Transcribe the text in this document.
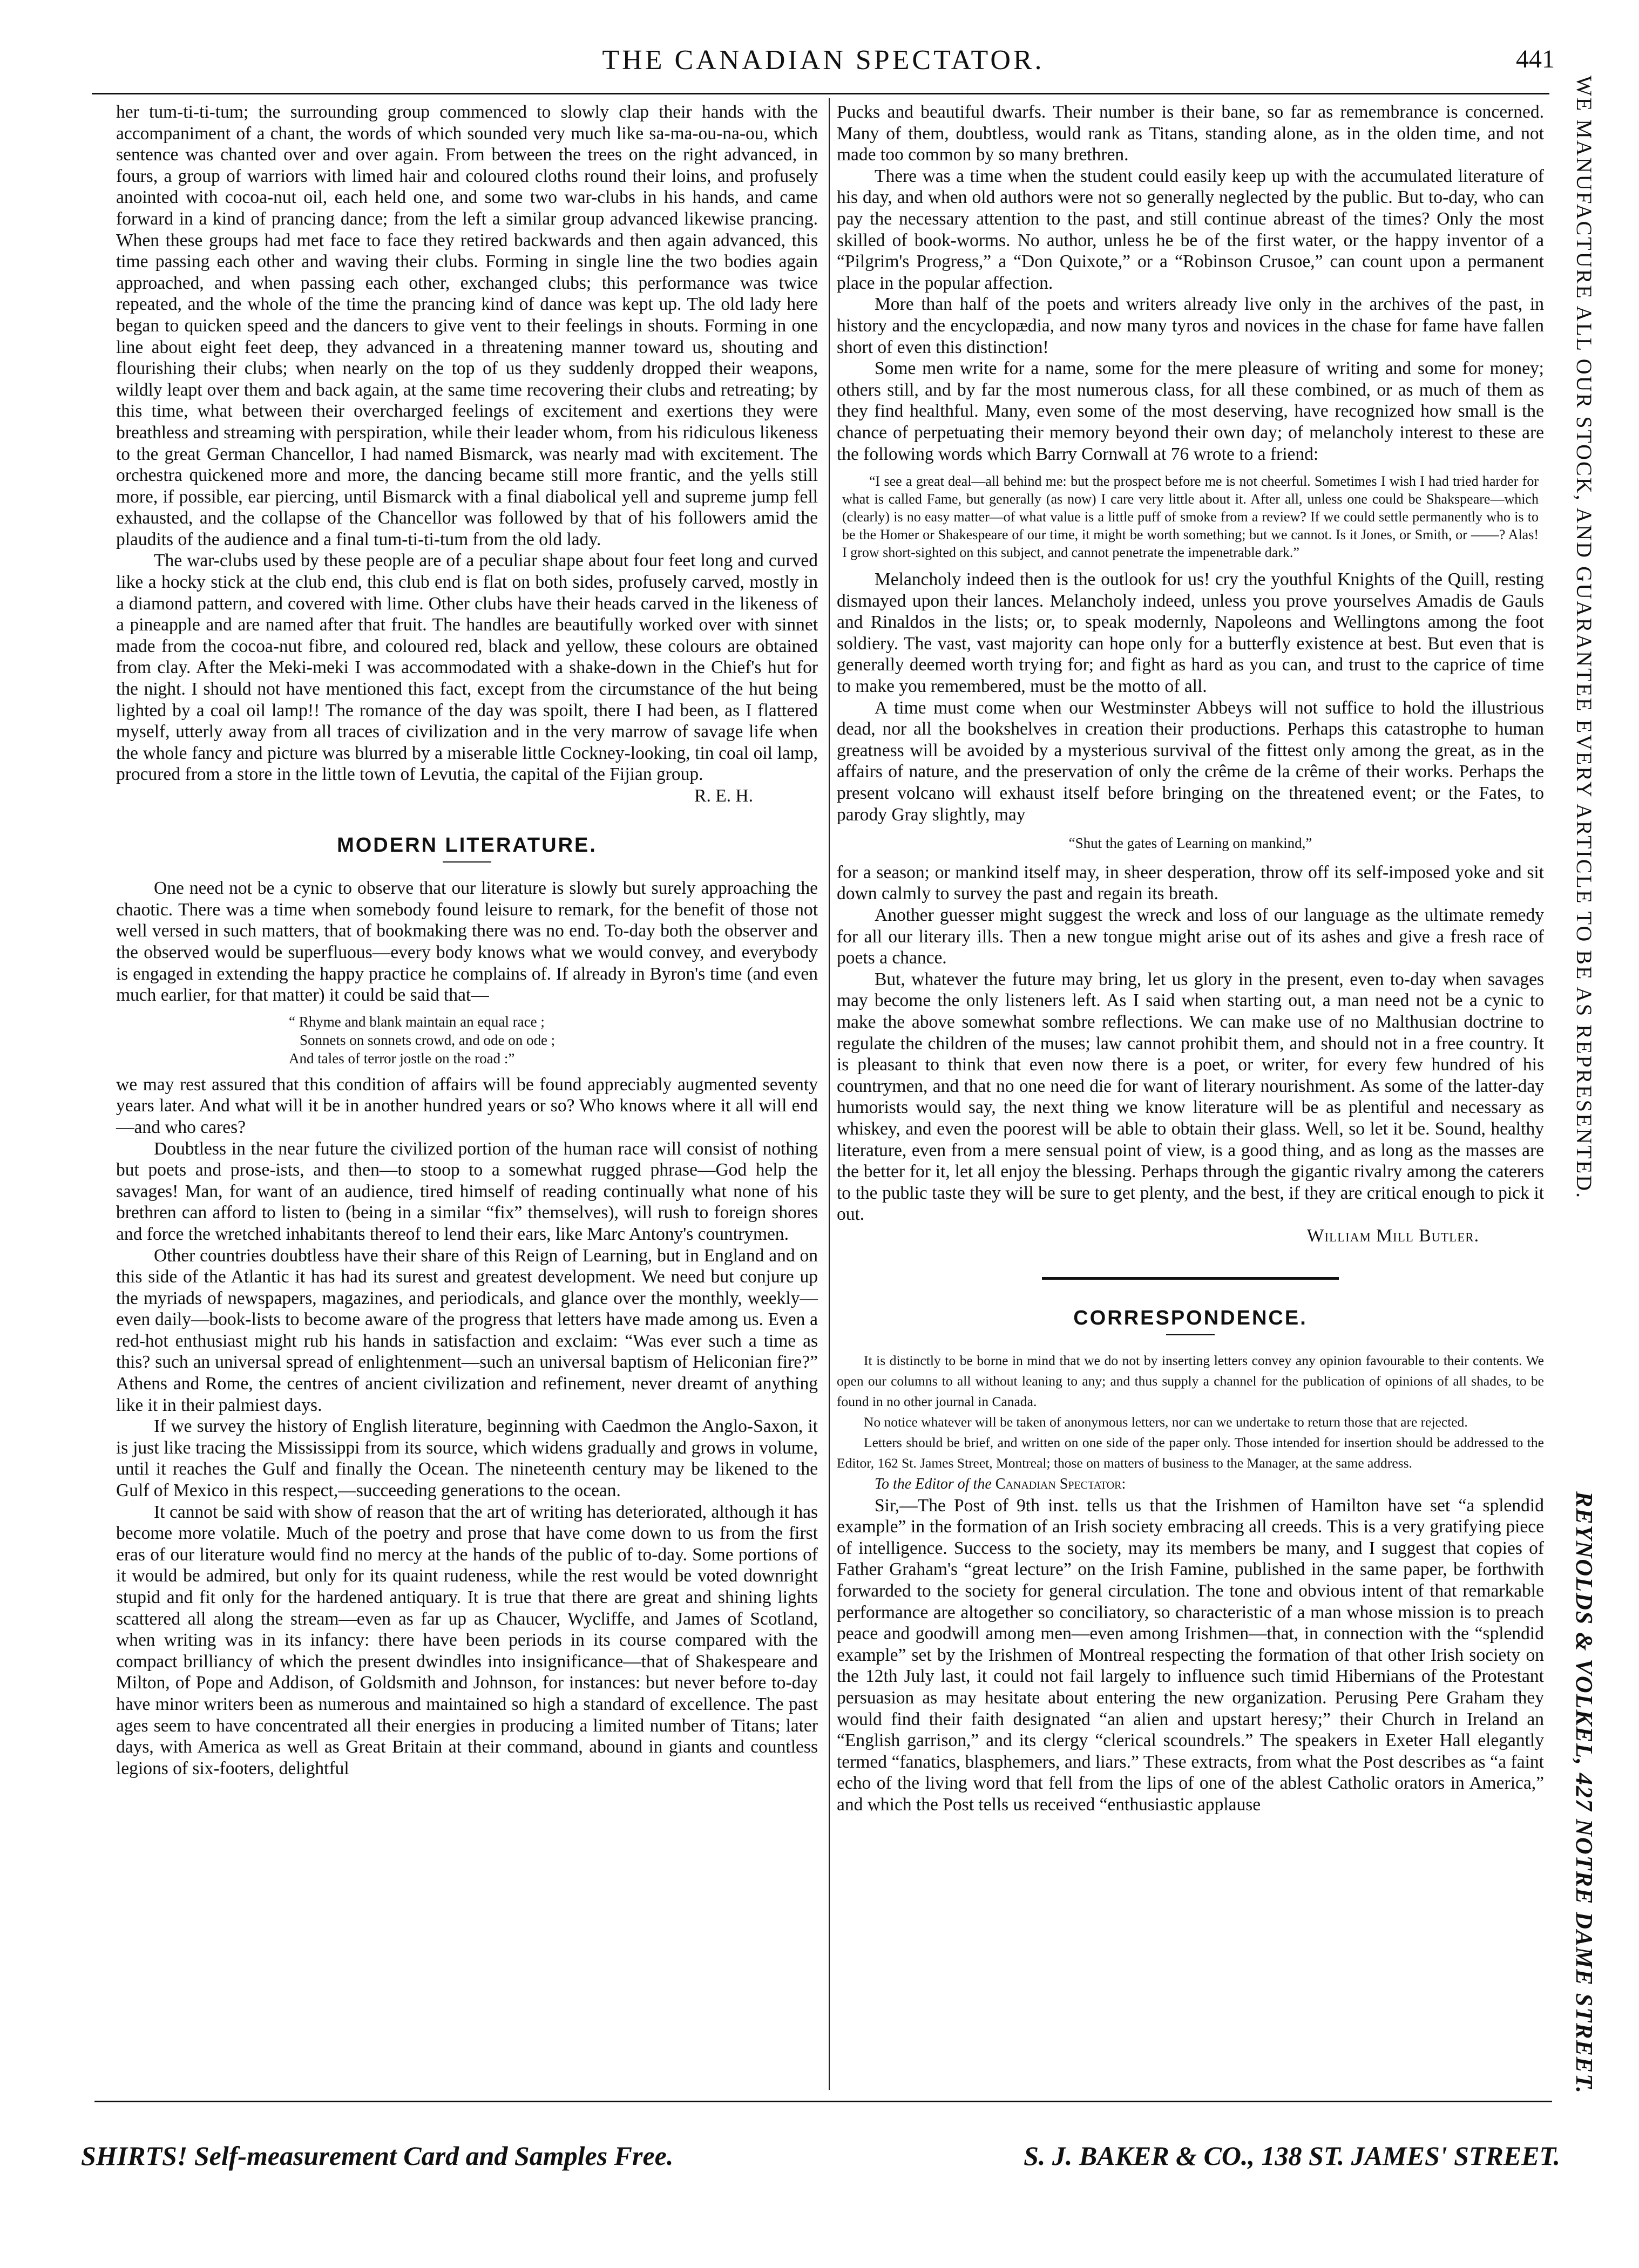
THE CANADIAN SPECTATOR.	441

her tum-ti-ti-tum; the surrounding group commenced to slowly clap their hands with the accompaniment of a chant, the words of which sounded very much like sa-ma-ou-na-ou, which sentence was chanted over and over again. From between the trees on the right advanced, in fours, a group of warriors with limed hair and coloured cloths round their loins, and profusely anointed with cocoa-nut oil, each held one, and some two war-clubs in his hands, and came forward in a kind of prancing dance; from the left a similar group advanced likewise prancing. When these groups had met face to face they retired backwards and then again advanced, this time passing each other and waving their clubs. Forming in single line the two bodies again approached, and when passing each other, exchanged clubs; this performance was twice repeated, and the whole of the time the prancing kind of dance was kept up. The old lady here began to quicken speed and the dancers to give vent to their feelings in shouts. Forming in one line about eight feet deep, they advanced in a threatening manner toward us, shouting and flourishing their clubs; when nearly on the top of us they suddenly dropped their weapons, wildly leapt over them and back again, at the same time recovering their clubs and retreating; by this time, what between their overcharged feelings of excitement and exertions they were breathless and streaming with perspiration, while their leader whom, from his ridiculous likeness to the great German Chancellor, I had named Bismarck, was nearly mad with excitement. The orchestra quickened more and more, the dancing became still more frantic, and the yells still more, if possible, ear piercing, until Bismarck with a final diabolical yell and supreme jump fell exhausted, and the collapse of the Chancellor was followed by that of his followers amid the plaudits of the audience and a final tum-ti-ti-tum from the old lady.

The war-clubs used by these people are of a peculiar shape about four feet long and curved like a hocky stick at the club end, this club end is flat on both sides, profusely carved, mostly in a diamond pattern, and covered with lime. Other clubs have their heads carved in the likeness of a pineapple and are named after that fruit. The handles are beautifully worked over with sinnet made from the cocoa-nut fibre, and coloured red, black and yellow, these colours are obtained from clay. After the Meki-meki I was accommodated with a shake-down in the Chief's hut for the night. I should not have mentioned this fact, except from the circumstance of the hut being lighted by a coal oil lamp!! The romance of the day was spoilt, there I had been, as I flattered myself, utterly away from all traces of civilization and in the very marrow of savage life when the whole fancy and picture was blurred by a miserable little Cockney-looking, tin coal oil lamp, procured from a store in the little town of Levutia, the capital of the Fijian group.

R. E. H.

MODERN LITERATURE.

One need not be a cynic to observe that our literature is slowly but surely approaching the chaotic. There was a time when somebody found leisure to remark, for the benefit of those not well versed in such matters, that of bookmaking there was no end. To-day both the observer and the observed would be superfluous—every body knows what we would convey, and everybody is engaged in extending the happy practice he complains of. If already in Byron's time (and even much earlier, for that matter) it could be said that—

“ Rhyme and blank maintain an equal race ;
Sonnets on sonnets crowd, and ode on ode ;
And tales of terror jostle on the road :”

we may rest assured that this condition of affairs will be found appreciably augmented seventy years later. And what will it be in another hundred years or so? Who knows where it all will end—and who cares?

Doubtless in the near future the civilized portion of the human race will consist of nothing but poets and prose-ists, and then—to stoop to a somewhat rugged phrase—God help the savages! Man, for want of an audience, tired himself of reading continually what none of his brethren can afford to listen to (being in a similar “fix” themselves), will rush to foreign shores and force the wretched inhabitants thereof to lend their ears, like Marc Antony's countrymen.

Other countries doubtless have their share of this Reign of Learning, but in England and on this side of the Atlantic it has had its surest and greatest development. We need but conjure up the myriads of newspapers, magazines, and periodicals, and glance over the monthly, weekly—even daily—book-lists to become aware of the progress that letters have made among us. Even a red-hot enthusiast might rub his hands in satisfaction and exclaim: “Was ever such a time as this? such an universal spread of enlightenment—such an universal baptism of Heliconian fire?” Athens and Rome, the centres of ancient civilization and refinement, never dreamt of anything like it in their palmiest days.

If we survey the history of English literature, beginning with Caedmon the Anglo-Saxon, it is just like tracing the Mississippi from its source, which widens gradually and grows in volume, until it reaches the Gulf and finally the Ocean. The nineteenth century may be likened to the Gulf of Mexico in this respect,—succeeding generations to the ocean.

It cannot be said with show of reason that the art of writing has deteriorated, although it has become more volatile. Much of the poetry and prose that have come down to us from the first eras of our literature would find no mercy at the hands of the public of to-day. Some portions of it would be admired, but only for its quaint rudeness, while the rest would be voted downright stupid and fit only for the hardened antiquary. It is true that there are great and shining lights scattered all along the stream—even as far up as Chaucer, Wycliffe, and James of Scotland, when writing was in its infancy: there have been periods in its course compared with the compact brilliancy of which the present dwindles into insignificance—that of Shakespeare and Milton, of Pope and Addison, of Goldsmith and Johnson, for instances: but never before to-day have minor writers been as numerous and maintained so high a standard of excellence. The past ages seem to have concentrated all their energies in producing a limited number of Titans; later days, with America as well as Great Britain at their command, abound in giants and countless legions of six-footers, delightful

Pucks and beautiful dwarfs. Their number is their bane, so far as remembrance is concerned. Many of them, doubtless, would rank as Titans, standing alone, as in the olden time, and not made too common by so many brethren.

There was a time when the student could easily keep up with the accumulated literature of his day, and when old authors were not so generally neglected by the public. But to-day, who can pay the necessary attention to the past, and still continue abreast of the times? Only the most skilled of book-worms. No author, unless he be of the first water, or the happy inventor of a “Pilgrim's Progress,” a “Don Quixote,” or a “Robinson Crusoe,” can count upon a permanent place in the popular affection.

More than half of the poets and writers already live only in the archives of the past, in history and the encyclopædia, and now many tyros and novices in the chase for fame have fallen short of even this distinction!

Some men write for a name, some for the mere pleasure of writing and some for money; others still, and by far the most numerous class, for all these combined, or as much of them as they find healthful. Many, even some of the most deserving, have recognized how small is the chance of perpetuating their memory beyond their own day; of melancholy interest to these are the following words which Barry Cornwall at 76 wrote to a friend:

“I see a great deal—all behind me: but the prospect before me is not cheerful. Sometimes I wish I had tried harder for what is called Fame, but generally (as now) I care very little about it. After all, unless one could be Shakspeare—which (clearly) is no easy matter—of what value is a little puff of smoke from a review? If we could settle permanently who is to be the Homer or Shakespeare of our time, it might be worth something; but we cannot. Is it Jones, or Smith, or ——? Alas! I grow short-sighted on this subject, and cannot penetrate the impenetrable dark.”

Melancholy indeed then is the outlook for us! cry the youthful Knights of the Quill, resting dismayed upon their lances. Melancholy indeed, unless you prove yourselves Amadis de Gauls and Rinaldos in the lists; or, to speak modernly, Napoleons and Wellingtons among the foot soldiery. The vast, vast majority can hope only for a butterfly existence at best. But even that is generally deemed worth trying for; and fight as hard as you can, and trust to the caprice of time to make you remembered, must be the motto of all.

A time must come when our Westminster Abbeys will not suffice to hold the illustrious dead, nor all the bookshelves in creation their productions. Perhaps this catastrophe to human greatness will be avoided by a mysterious survival of the fittest only among the great, as in the affairs of nature, and the preservation of only the crême de la crême of their works. Perhaps the present volcano will exhaust itself before bringing on the threatened event; or the Fates, to parody Gray slightly, may

“Shut the gates of Learning on mankind,”

for a season; or mankind itself may, in sheer desperation, throw off its self-imposed yoke and sit down calmly to survey the past and regain its breath.

Another guesser might suggest the wreck and loss of our language as the ultimate remedy for all our literary ills. Then a new tongue might arise out of its ashes and give a fresh race of poets a chance.

But, whatever the future may bring, let us glory in the present, even to-day when savages may become the only listeners left. As I said when starting out, a man need not be a cynic to make the above somewhat sombre reflections. We can make use of no Malthusian doctrine to regulate the children of the muses; law cannot prohibit them, and should not in a free country. It is pleasant to think that even now there is a poet, or writer, for every few hundred of his countrymen, and that no one need die for want of literary nourishment. As some of the latter-day humorists would say, the next thing we know literature will be as plentiful and necessary as whiskey, and even the poorest will be able to obtain their glass. Well, so let it be. Sound, healthy literature, even from a mere sensual point of view, is a good thing, and as long as the masses are the better for it, let all enjoy the blessing. Perhaps through the gigantic rivalry among the caterers to the public taste they will be sure to get plenty, and the best, if they are critical enough to pick it out.

William Mill Butler.

CORRESPONDENCE.

It is distinctly to be borne in mind that we do not by inserting letters convey any opinion favourable to their contents. We open our columns to all without leaning to any; and thus supply a channel for the publication of opinions of all shades, to be found in no other journal in Canada.

No notice whatever will be taken of anonymous letters, nor can we undertake to return those that are rejected.

Letters should be brief, and written on one side of the paper only. Those intended for insertion should be addressed to the Editor, 162 St. James Street, Montreal; those on matters of business to the Manager, at the same address.

To the Editor of the Canadian Spectator:

Sir,—The Post of 9th inst. tells us that the Irishmen of Hamilton have set “a splendid example” in the formation of an Irish society embracing all creeds. This is a very gratifying piece of intelligence. Success to the society, may its members be many, and I suggest that copies of Father Graham's “great lecture” on the Irish Famine, published in the same paper, be forthwith forwarded to the society for general circulation. The tone and obvious intent of that remarkable performance are altogether so conciliatory, so characteristic of a man whose mission is to preach peace and goodwill among men—even among Irishmen—that, in connection with the “splendid example” set by the Irishmen of Montreal respecting the formation of that other Irish society on the 12th July last, it could not fail largely to influence such timid Hibernians of the Protestant persuasion as may hesitate about entering the new organization. Perusing Pere Graham they would find their faith designated “an alien and upstart heresy;” their Church in Ireland an “English garrison,” and its clergy “clerical scoundrels.” The speakers in Exeter Hall elegantly termed “fanatics, blasphemers, and liars.” These extracts, from what the Post describes as “a faint echo of the living word that fell from the lips of one of the ablest Catholic orators in America,” and which the Post tells us received “enthusiastic applause

WE MANUFACTURE ALL OUR STOCK, AND GUARANTEE EVERY ARTICLE TO BE AS REPRESENTED.
REYNOLDS & VOLKEL, 427 NOTRE DAME STREET.
SHIRTS! Self-measurement Card and Samples Free.	S. J. BAKER & CO., 138 ST. JAMES' STREET.
